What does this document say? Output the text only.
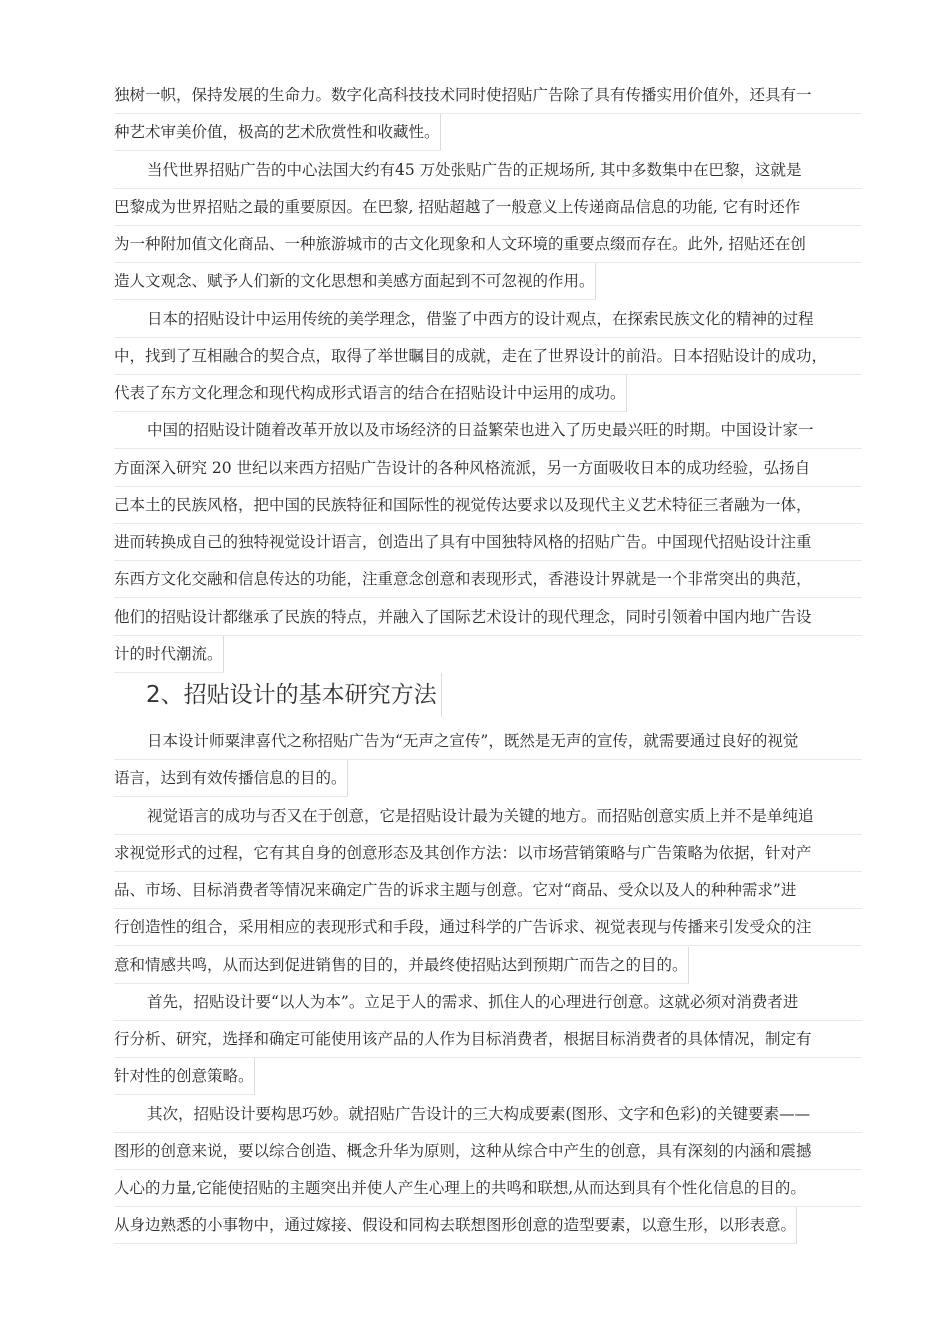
独树一帜，保持发展的生命力。数字化高科技技术同时使招贴广告除了具有传播实用价值外，还具有一
种艺术审美价值，极高的艺术欣赏性和收藏性。
当代世界招贴广告的中心法国大约有45 万处张贴广告的正规场所, 其中多数集中在巴黎，这就是
巴黎成为世界招贴之最的重要原因。在巴黎, 招贴超越了一般意义上传递商品信息的功能, 它有时还作
为一种附加值文化商品、一种旅游城市的古文化现象和人文环境的重要点缀而存在。此外, 招贴还在创
造人文观念、赋予人们新的文化思想和美感方面起到不可忽视的作用。
日本的招贴设计中运用传统的美学理念，借鉴了中西方的设计观点，在探索民族文化的精神的过程
中，找到了互相融合的契合点，取得了举世瞩目的成就，走在了世界设计的前沿。日本招贴设计的成功，
代表了东方文化理念和现代构成形式语言的结合在招贴设计中运用的成功。
中国的招贴设计随着改革开放以及市场经济的日益繁荣也进入了历史最兴旺的时期。中国设计家一
方面深入研究 20 世纪以来西方招贴广告设计的各种风格流派，另一方面吸收日本的成功经验，弘扬自
己本土的民族风格，把中国的民族特征和国际性的视觉传达要求以及现代主义艺术特征三者融为一体，
进而转换成自己的独特视觉设计语言，创造出了具有中国独特风格的招贴广告。中国现代招贴设计注重
东西方文化交融和信息传达的功能，注重意念创意和表现形式，香港设计界就是一个非常突出的典范，
他们的招贴设计都继承了民族的特点，并融入了国际艺术设计的现代理念，同时引领着中国内地广告设
计的时代潮流。
2、招贴设计的基本研究方法
日本设计师粟津喜代之称招贴广告为“无声之宣传”，既然是无声的宣传，就需要通过良好的视觉
语言，达到有效传播信息的目的。
视觉语言的成功与否又在于创意，它是招贴设计最为关键的地方。而招贴创意实质上并不是单纯追
求视觉形式的过程，它有其自身的创意形态及其创作方法：以市场营销策略与广告策略为依据，针对产
品、市场、目标消费者等情况来确定广告的诉求主题与创意。它对“商品、受众以及人的种种需求”进
行创造性的组合，采用相应的表现形式和手段，通过科学的广告诉求、视觉表现与传播来引发受众的注
意和情感共鸣，从而达到促进销售的目的，并最终使招贴达到预期广而告之的目的。
首先，招贴设计要“以人为本”。立足于人的需求、抓住人的心理进行创意。这就必须对消费者进
行分析、研究，选择和确定可能使用该产品的人作为目标消费者，根据目标消费者的具体情况，制定有
针对性的创意策略。
其次，招贴设计要构思巧妙。就招贴广告设计的三大构成要素(图形、文字和色彩)的关键要素——
图形的创意来说，要以综合创造、概念升华为原则，这种从综合中产生的创意，具有深刻的内涵和震撼
人心的力量,它能使招贴的主题突出并使人产生心理上的共鸣和联想,从而达到具有个性化信息的目的。
从身边熟悉的小事物中，通过嫁接、假设和同构去联想图形创意的造型要素，以意生形，以形表意。
